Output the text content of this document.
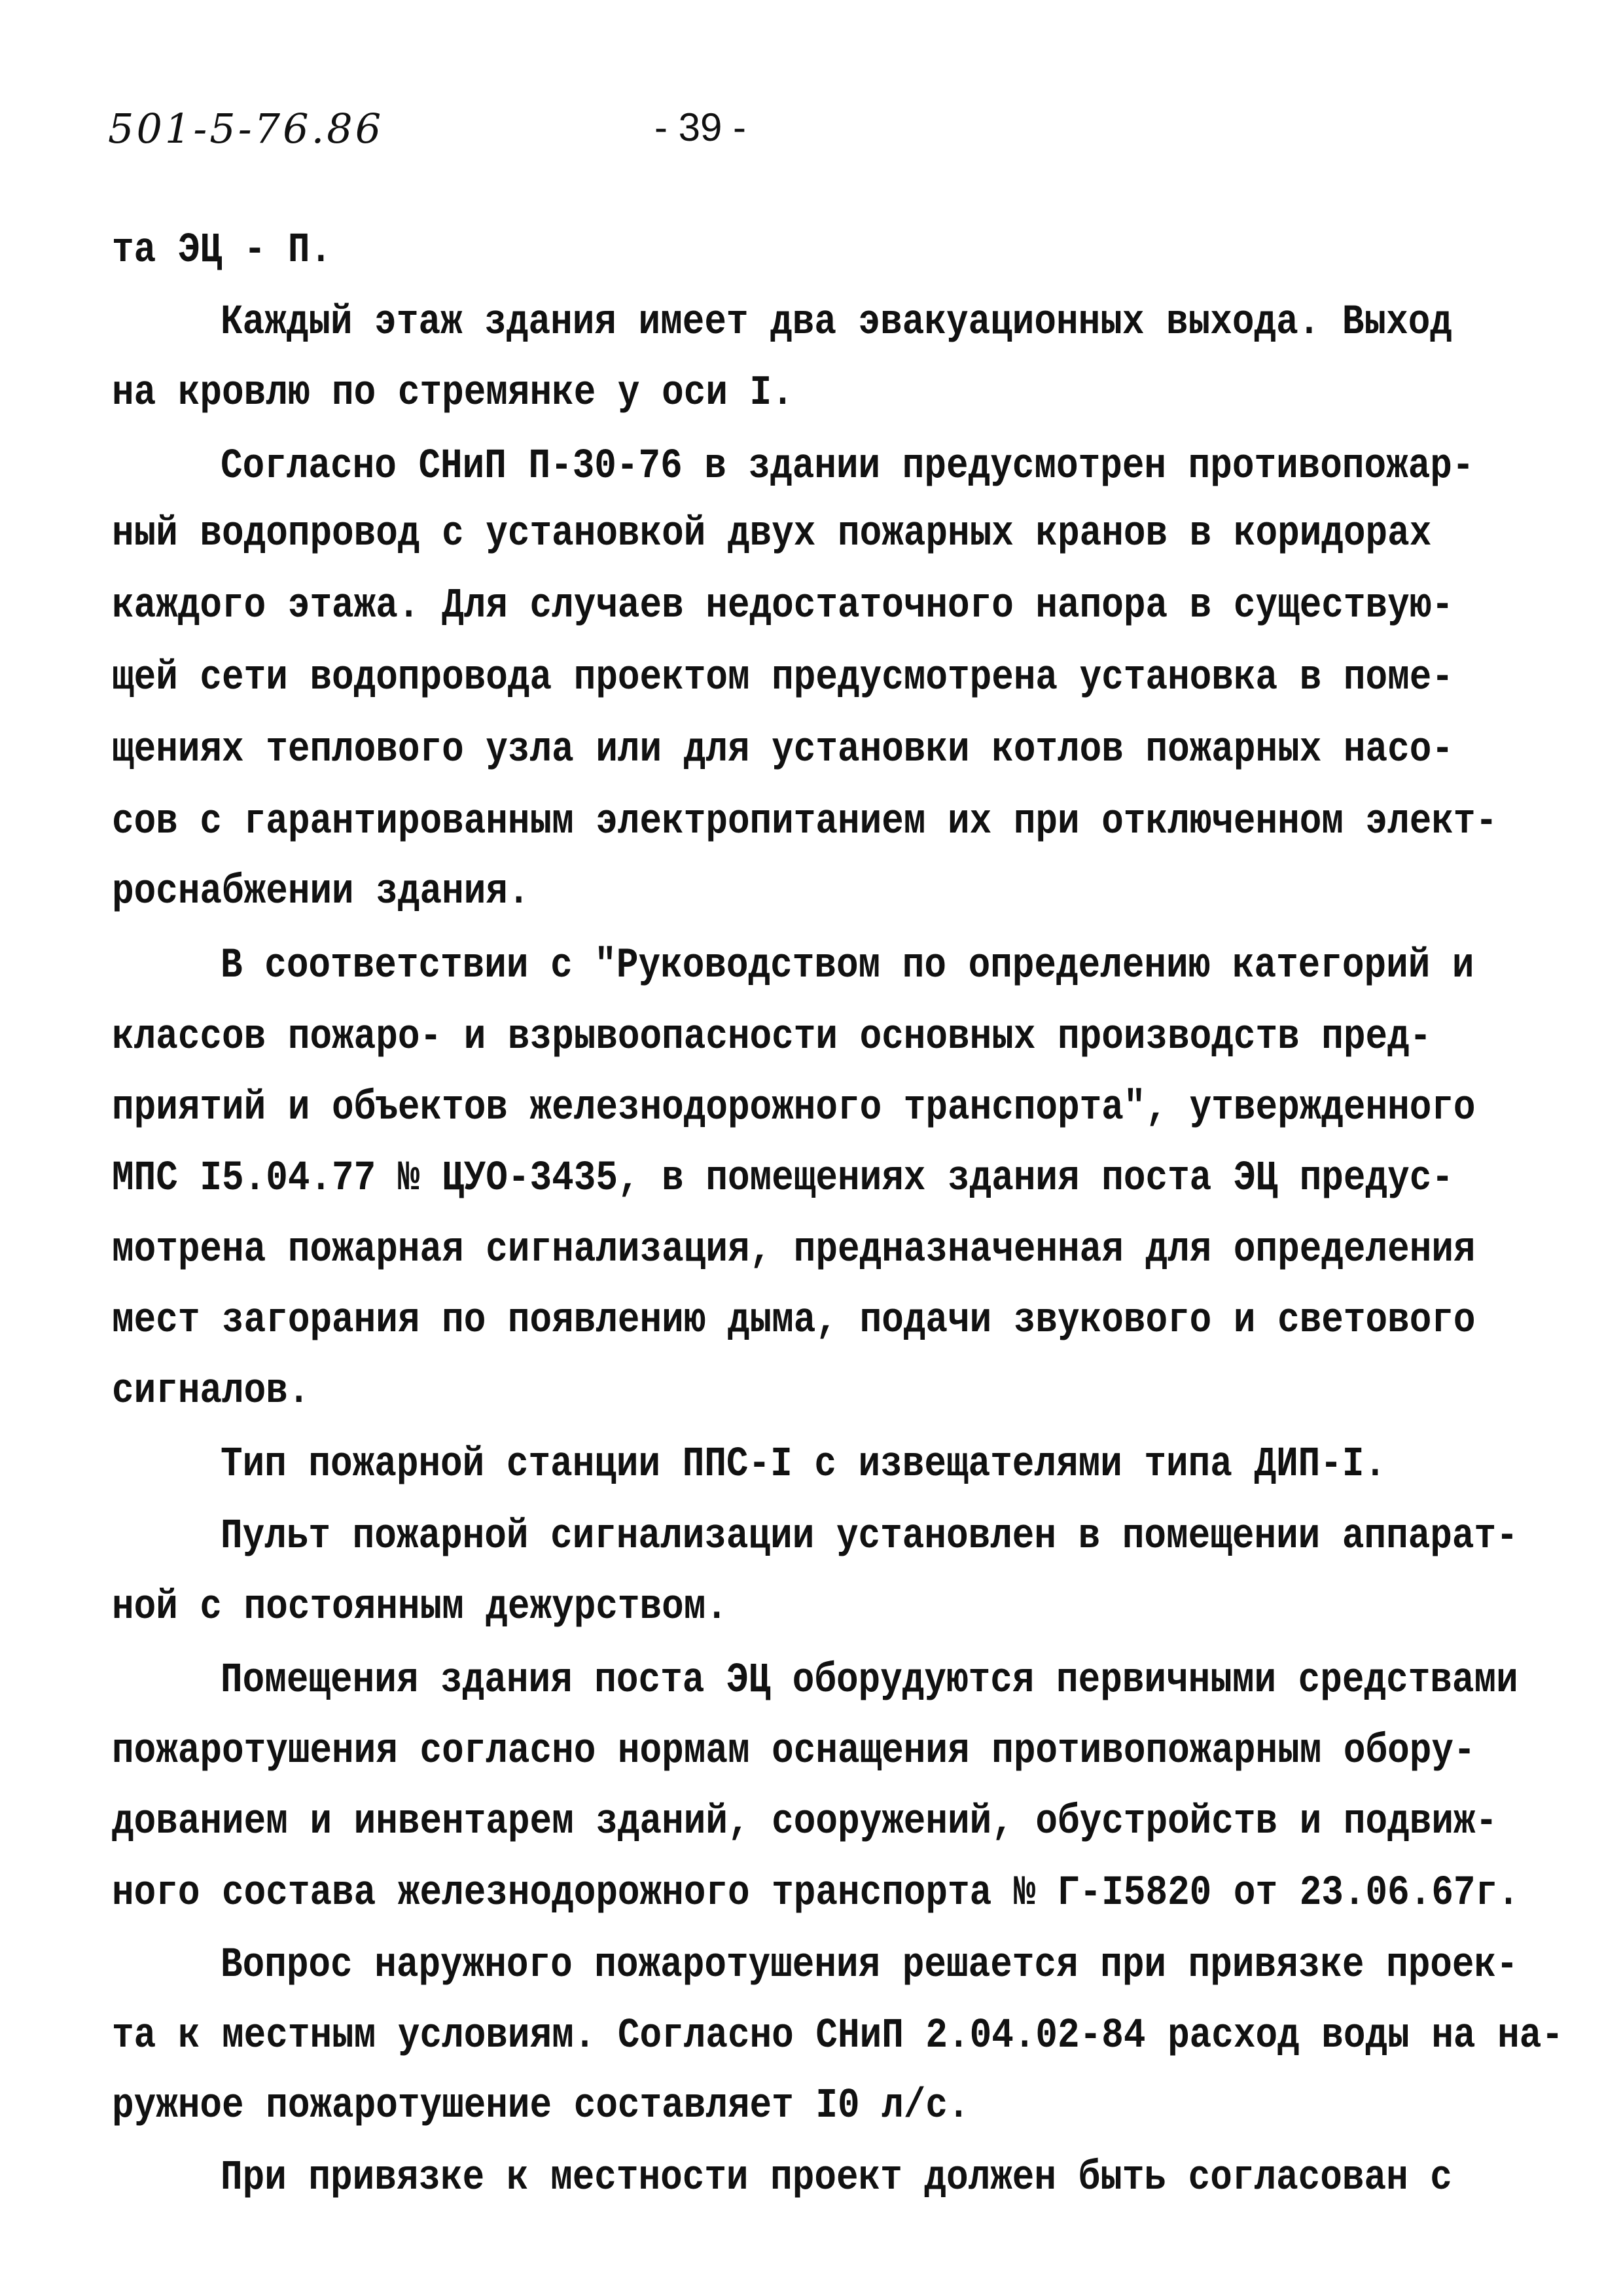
501-5-76.86	- 39 -
та ЭЦ - П.
Каждый этаж здания имеет два эвакуационных выхода. Выход
на кровлю по стремянке у оси I.
Согласно СНиП П-30-76 в здании предусмотрен противопожар-
ный водопровод с установкой двух пожарных кранов в коридорах
каждого этажа. Для случаев недостаточного напора в существую-
щей сети водопровода проектом предусмотрена установка в поме-
щениях теплового узла или для установки котлов пожарных насо-
сов с гарантированным электропитанием их при отключенном элект-
роснабжении здания.
В соответствии с "Руководством по определению категорий и
классов пожаро- и взрывоопасности основных производств пред-
приятий и объектов железнодорожного транспорта", утвержденного
МПС I5.04.77 № ЦУО-3435, в помещениях здания поста ЭЦ предус-
мотрена пожарная сигнализация, предназначенная для определения
мест загорания по появлению дыма, подачи звукового и светового
сигналов.
Тип пожарной станции ППС-I с извещателями типа ДИП-I.
Пульт пожарной сигнализации установлен в помещении аппарат-
ной с постоянным дежурством.
Помещения здания поста ЭЦ оборудуются первичными средствами
пожаротушения согласно нормам оснащения противопожарным обору-
дованием и инвентарем зданий, сооружений, обустройств и подвиж-
ного состава железнодорожного транспорта № Г-I5820 от 23.06.67г.
Вопрос наружного пожаротушения решается при привязке проек-
та к местным условиям. Согласно СНиП 2.04.02-84 расход воды на на-
ружное пожаротушение составляет I0 л/с.
При привязке к местности проект должен быть согласован с
